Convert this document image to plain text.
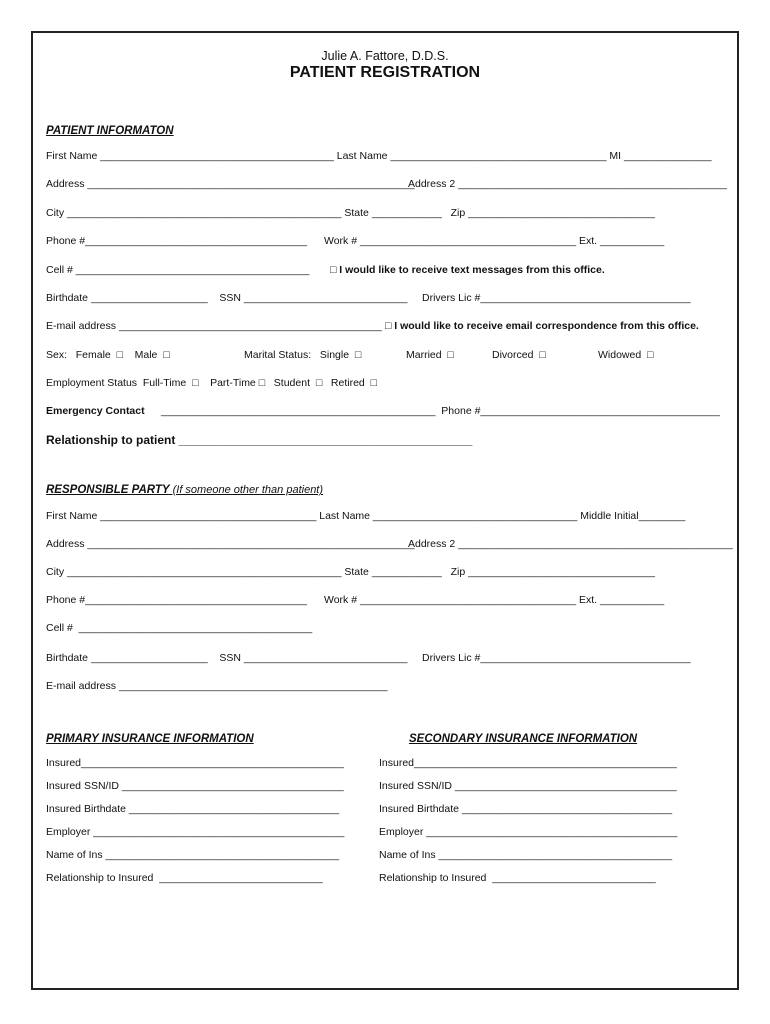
Julie A. Fattore, D.D.S.
PATIENT REGISTRATION
PATIENT INFORMATON
First Name ________________________________________ Last Name _____________________________________ MI _______________
Address ________________________________________________________
Address 2 ______________________________________________
City _______________________________________________ State ____________   Zip ________________________________
Phone #______________________________________ Work # _____________________________________ Ext. ___________
Cell # ________________________________________ □ I would like to receive text messages from this office.
Birthdate ____________________    SSN ____________________________     Drivers Lic #____________________________________
E-mail address _____________________________________________ □ I would like to receive email correspondence from this office.
Sex:   Female  □    Male  □	Marital Status:   Single  □	Married  □	Divorced  □	Widowed  □
Employment Status  Full-Time  □    Part-Time □   Student  □   Retired  □
Emergency Contact _______________________________________________  Phone #_________________________________________
Relationship to patient ____________________________________________
RESPONSIBLE PARTY (If someone other than patient)
First Name _____________________________________ Last Name ___________________________________ Middle Initial________
Address ________________________________________________________
Address 2 _______________________________________________
City _______________________________________________ State ____________   Zip ________________________________
Phone #______________________________________ Work # _____________________________________ Ext. ___________
Cell #  ________________________________________
Birthdate ____________________    SSN ____________________________     Drivers Lic #____________________________________
E-mail address ______________________________________________
PRIMARY INSURANCE INFORMATION	SECONDARY INSURANCE INFORMATION
Insured_____________________________________________
Insured SSN/ID ______________________________________
Insured Birthdate ____________________________________
Employer ___________________________________________
Name of Ins ________________________________________
Relationship to Insured  ____________________________
Insured_____________________________________________
Insured SSN/ID ______________________________________
Insured Birthdate ____________________________________
Employer ___________________________________________
Name of Ins ________________________________________
Relationship to Insured  ____________________________
